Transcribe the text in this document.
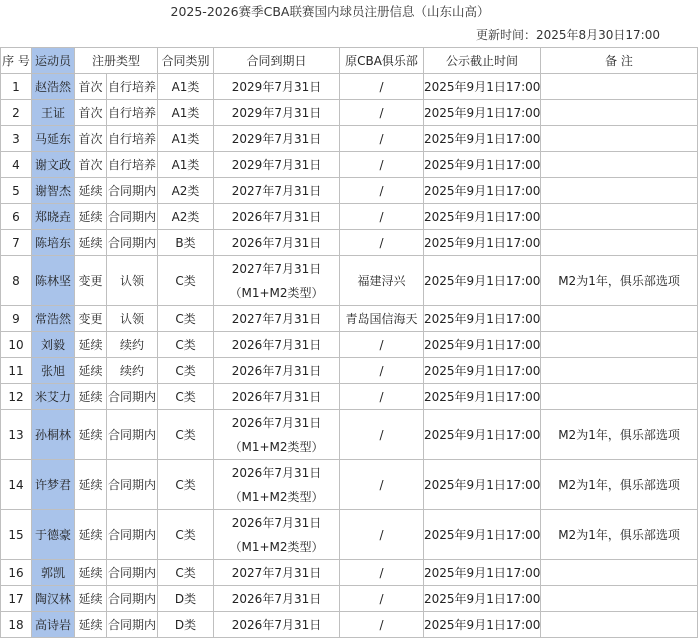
2025-2026赛季CBA联赛国内球员注册信息（山东山高）
更新时间：2025年8月30日17:00
序 号	运动员	注册类型		合同类别	合同到期日	原CBA俱乐部	公示截止时间	备 注
1	赵浩然	首次	自行培养	A1类	2029年7月31日	/	2025年9月1日17:00	
2	王证	首次	自行培养	A1类	2029年7月31日	/	2025年9月1日17:00	
3	马延东	首次	自行培养	A1类	2029年7月31日	/	2025年9月1日17:00	
4	谢文政	首次	自行培养	A1类	2029年7月31日	/	2025年9月1日17:00	
5	谢智杰	延续	合同期内	A2类	2027年7月31日	/	2025年9月1日17:00	
6	郑晓垚	延续	合同期内	A2类	2026年7月31日	/	2025年9月1日17:00	
7	陈培东	延续	合同期内	B类	2026年7月31日	/	2025年9月1日17:00	
8	陈林坚	变更	认领	C类	2027年7月31日
（M1+M2类型）	福建浔兴	2025年9月1日17:00	M2为1年，俱乐部选项
9	常浩然	变更	认领	C类	2027年7月31日	青岛国信海天	2025年9月1日17:00	
10	刘毅	延续	续约	C类	2026年7月31日	/	2025年9月1日17:00	
11	张旭	延续	续约	C类	2026年7月31日	/	2025年9月1日17:00	
12	米艾力	延续	合同期内	C类	2026年7月31日	/	2025年9月1日17:00	
13	孙桐林	延续	合同期内	C类	2026年7月31日
（M1+M2类型）	/	2025年9月1日17:00	M2为1年，俱乐部选项
14	许梦君	延续	合同期内	C类	2026年7月31日
（M1+M2类型）	/	2025年9月1日17:00	M2为1年，俱乐部选项
15	于德豪	延续	合同期内	C类	2026年7月31日
（M1+M2类型）	/	2025年9月1日17:00	M2为1年，俱乐部选项
16	郭凯	延续	合同期内	C类	2027年7月31日	/	2025年9月1日17:00	
17	陶汉林	延续	合同期内	D类	2026年7月31日	/	2025年9月1日17:00	
18	高诗岩	延续	合同期内	D类	2026年7月31日	/	2025年9月1日17:00	
